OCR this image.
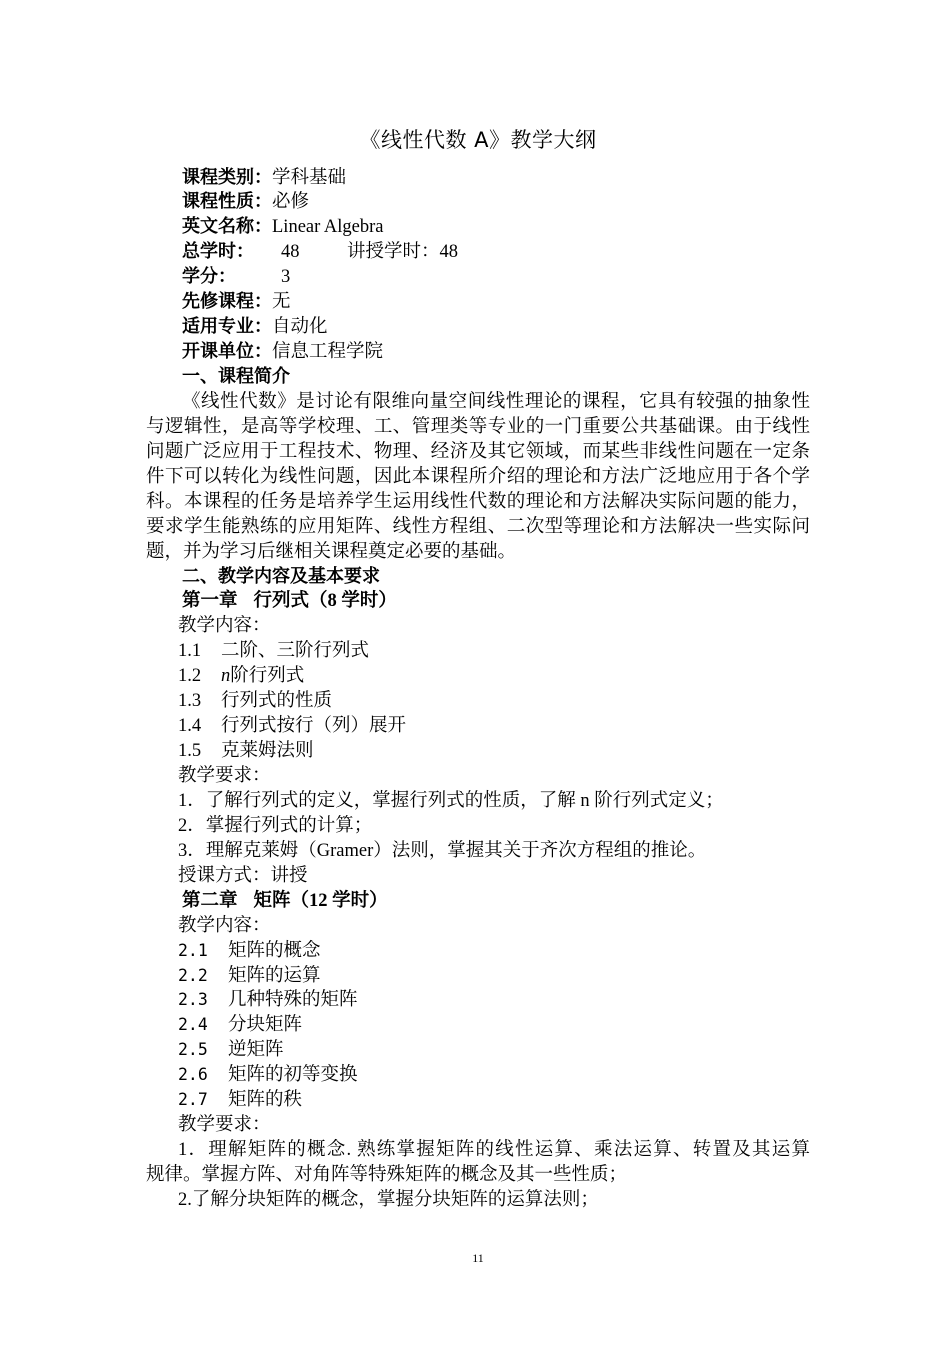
《线性代数 A》教学大纲
课程类别：学科基础
课程性质：必修
英文名称：Linear Algebra
总学时： 48	讲授学时：48
学分： 3
先修课程：无
适用专业：自动化
开课单位：信息工程学院
一、课程简介
《线性代数》是讨论有限维向量空间线性理论的课程，它具有较强的抽象性
与逻辑性，是高等学校理、工、管理类等专业的一门重要公共基础课。由于线性
问题广泛应用于工程技术、物理、经济及其它领域，而某些非线性问题在一定条
件下可以转化为线性问题，因此本课程所介绍的理论和方法广泛地应用于各个学
科。本课程的任务是培养学生运用线性代数的理论和方法解决实际问题的能力，
要求学生能熟练的应用矩阵、线性方程组、二次型等理论和方法解决一些实际问
题，并为学习后继相关课程奠定必要的基础。
二、教学内容及基本要求
第一章 行列式（8 学时）
教学内容：
1.1 二阶、三阶行列式
1.2 n阶行列式
1.3 行列式的性质
1.4 行列式按行（列）展开
1.5 克莱姆法则
教学要求：
1．了解行列式的定义，掌握行列式的性质，了解 n 阶行列式定义；
2．掌握行列式的计算；
3．理解克莱姆（Gramer）法则，掌握其关于齐次方程组的推论。
授课方式：讲授
第二章 矩阵（12 学时）
教学内容：
2.1 矩阵的概念
2.2 矩阵的运算
2.3 几种特殊的矩阵
2.4 分块矩阵
2.5 逆矩阵
2.6 矩阵的初等变换
2.7 矩阵的秩
教学要求：
1．理解矩阵的概念. 熟练掌握矩阵的线性运算、乘法运算、转置及其运算
规律。掌握方阵、对角阵等特殊矩阵的概念及其一些性质；
2.了解分块矩阵的概念，掌握分块矩阵的运算法则；
11
